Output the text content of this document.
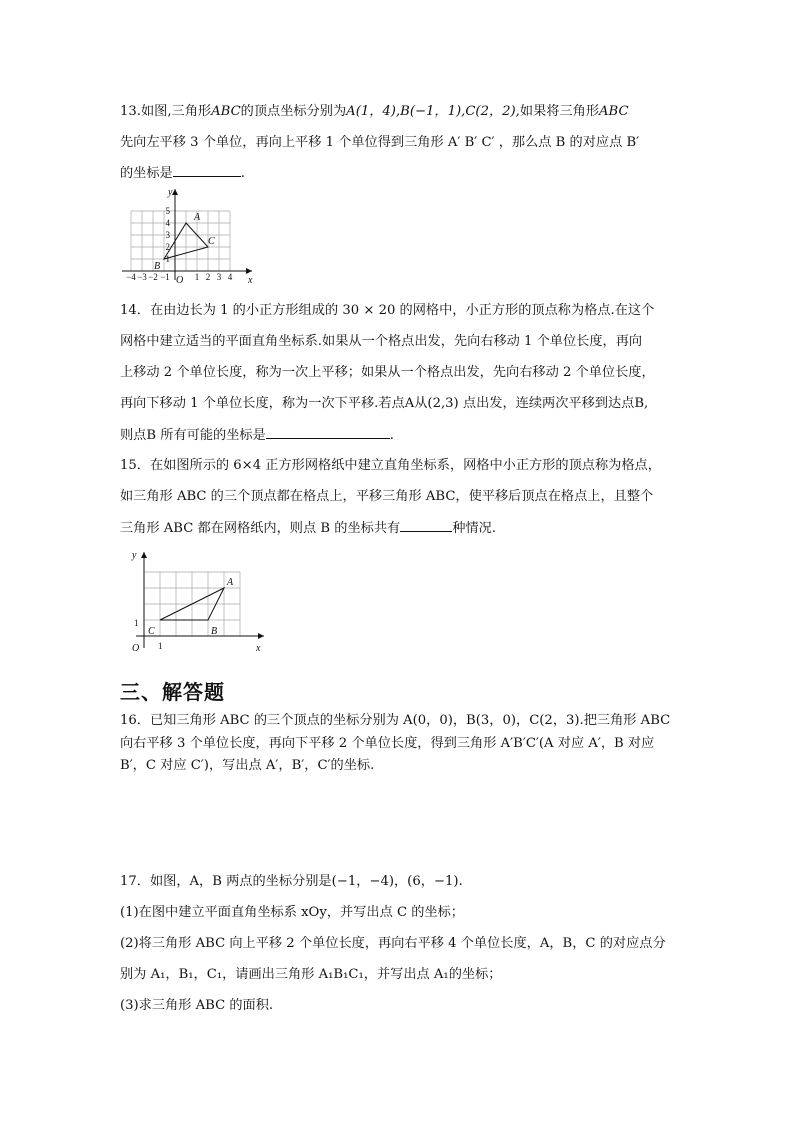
13.如图,三角形ABC的顶点坐标分别为A(1，4),B(−1，1),C(2，2),如果将三角形ABC
先向左平移 3 个单位，再向上平移 1 个单位得到三角形 A′ B′ C′ ，那么点 B 的对应点 B′
的坐标是	.
y
x
O
A
B
C
1
2
3
4
5
−4 −3 −2 −1	1 2 3 4
14．在由边长为 1 的小正方形组成的 30 × 20 的网格中，小正方形的顶点称为格点.在这个
网格中建立适当的平面直角坐标系.如果从一个格点出发，先向右移动 1 个单位长度，再向
上移动 2 个单位长度，称为一次上平移；如果从一个格点出发，先向右移动 2 个单位长度，
再向下移动 1 个单位长度，称为一次下平移.若点A从(2,3) 点出发，连续两次平移到达点B,
则点B 所有可能的坐标是	.
15．在如图所示的 6×4 正方形网格纸中建立直角坐标系，网格中小正方形的顶点称为格点，
如三角形 ABC 的三个顶点都在格点上，平移三角形 ABC，使平移后顶点在格点上，且整个
三角形 ABC 都在网格纸内，则点 B 的坐标共有	种情况.
y
x
O
A
B
C
1
1
三、解答题
16．已知三角形 ABC 的三个顶点的坐标分别为 A(0，0)，B(3，0)，C(2，3).把三角形 ABC
向右平移 3 个单位长度，再向下平移 2 个单位长度，得到三角形 A′B′C′(A 对应 A′，B 对应
B′，C 对应 C′)，写出点 A′，B′，C′的坐标.
17．如图，A，B 两点的坐标分别是(−1，−4)，(6，−1).
(1)在图中建立平面直角坐标系 xOy，并写出点 C 的坐标；
(2)将三角形 ABC 向上平移 2 个单位长度，再向右平移 4 个单位长度，A，B，C 的对应点分
别为 A₁，B₁，C₁，请画出三角形 A₁B₁C₁，并写出点 A₁的坐标；
(3)求三角形 ABC 的面积.
